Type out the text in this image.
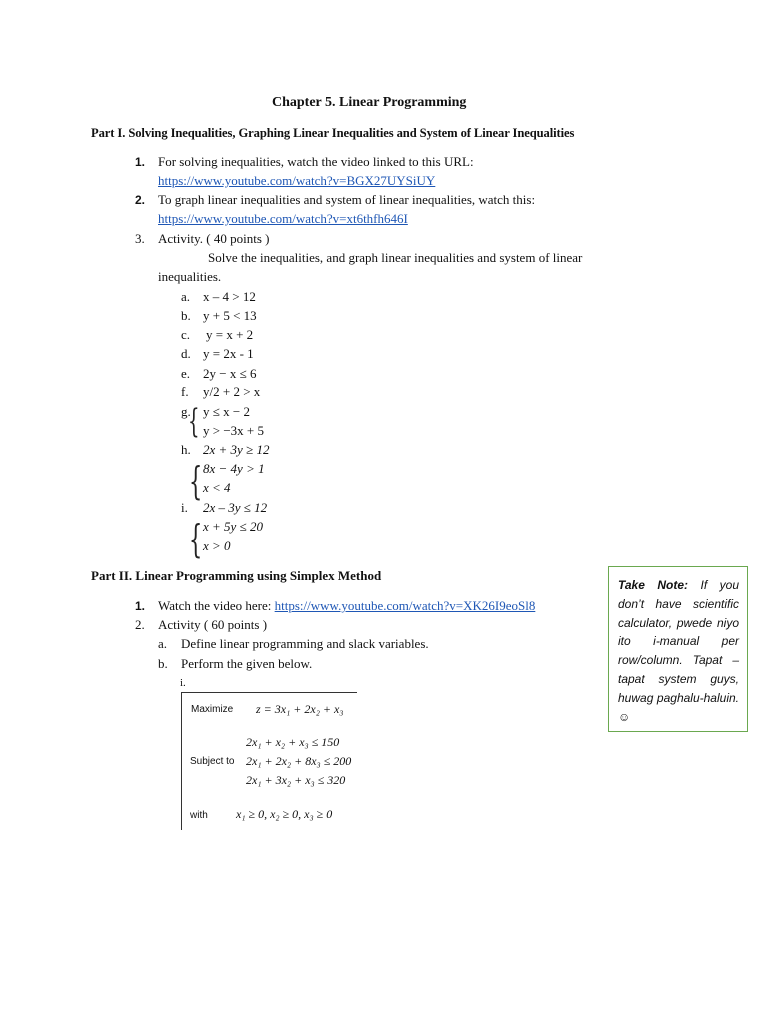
Chapter 5. Linear Programming
Part I. Solving Inequalities, Graphing Linear Inequalities and System of Linear Inequalities
1. For solving inequalities, watch the video linked to this URL:
https://www.youtube.com/watch?v=BGX27UYSiUY
2. To graph linear inequalities and system of linear inequalities, watch this:
https://www.youtube.com/watch?v=xt6thfh646I
3. Activity. ( 40 points )
Solve the inequalities, and graph linear inequalities and system of linear
inequalities.
a. x – 4 > 12
b. y + 5 < 13
c. y = x + 2
d. y = 2x - 1
e. 2y − x ≤ 6
f. y/2 + 2 > x
g.
{ y ≤ x − 2
y > −3x + 5
h. 2x + 3y ≥ 12
{ 8x − 4y > 1
x < 4
i. 2x – 3y ≤ 12
{ x + 5y ≤ 20
x > 0
Part II. Linear Programming using Simplex Method
1. Watch the video here: https://www.youtube.com/watch?v=XK26I9eoSl8
2. Activity ( 60 points )
a. Define linear programming and slack variables.
b. Perform the given below.
i.
Maximize z = 3x₁ + 2x₂ + x₃
Subject to
2x₁ + x₂ + x₃ ≤ 150
2x₁ + 2x₂ + 8x₃ ≤ 200
2x₁ + 3x₂ + x₃ ≤ 320
with x₁ ≥ 0, x₂ ≥ 0, x₃ ≥ 0
Take Note: If you don’t have scientific calculator, pwede niyo ito i-manual per row/column. Tapat – tapat system guys, huwag paghalu-haluin. ☺
